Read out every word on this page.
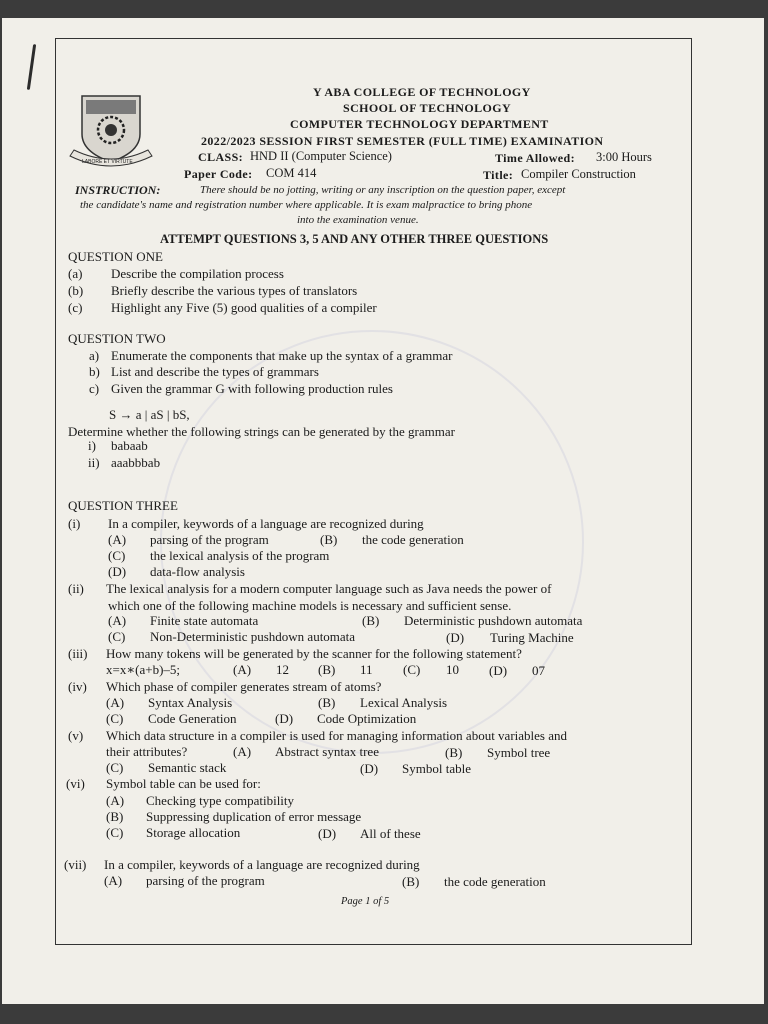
LABORE ET VIRTUTE
Y ABA COLLEGE OF TECHNOLOGY
SCHOOL OF TECHNOLOGY
COMPUTER TECHNOLOGY DEPARTMENT
2022/2023 SESSION FIRST SEMESTER (FULL TIME) EXAMINATION
CLASS: HND II (Computer Science)	Time Allowed: 3:00 Hours
Paper Code: COM 414	Title: Compiler Construction
INSTRUCTION:	There should be no jotting, writing or any inscription on the question paper, except
the candidate's name and registration number where applicable. It is exam malpractice to bring phone
into the examination venue.
ATTEMPT QUESTIONS 3, 5 AND ANY OTHER THREE QUESTIONS
QUESTION ONE
(a) Describe the compilation process
(b) Briefly describe the various types of translators
(c) Highlight any Five (5) good qualities of a compiler
QUESTION TWO
a) Enumerate the components that make up the syntax of a grammar
b) List and describe the types of grammars
c) Given the grammar G with following production rules
S → a | aS | bS,
Determine whether the following strings can be generated by the grammar
i) babaab
ii) aaabbbab
QUESTION THREE
(i) In a compiler, keywords of a language are recognized during
(A) parsing of the program	(B) the code generation
(C) the lexical analysis of the program
(D) data-flow analysis
(ii) The lexical analysis for a modern computer language such as Java needs the power of
which one of the following machine models is necessary and sufficient sense.
(A) Finite state automata	(B) Deterministic pushdown automata
(C) Non-Deterministic pushdown automata	(D) Turing Machine
(iii) How many tokens will be generated by the scanner for the following statement?
x=x∗(a+b)–5;	(A) 12 (B) 11 (C) 10 (D) 07
(iv) Which phase of compiler generates stream of atoms?
(A) Syntax Analysis	(B) Lexical Analysis
(C) Code Generation	(D) Code Optimization
(v) Which data structure in a compiler is used for managing information about variables and
their attributes?	(A) Abstract syntax tree	(B) Symbol tree
(C) Semantic stack	(D) Symbol table
(vi) Symbol table can be used for:
(A) Checking type compatibility
(B) Suppressing duplication of error message
(C) Storage allocation	(D) All of these
(vii) In a compiler, keywords of a language are recognized during
(A) parsing of the program	(B) the code generation
Page 1 of 5
